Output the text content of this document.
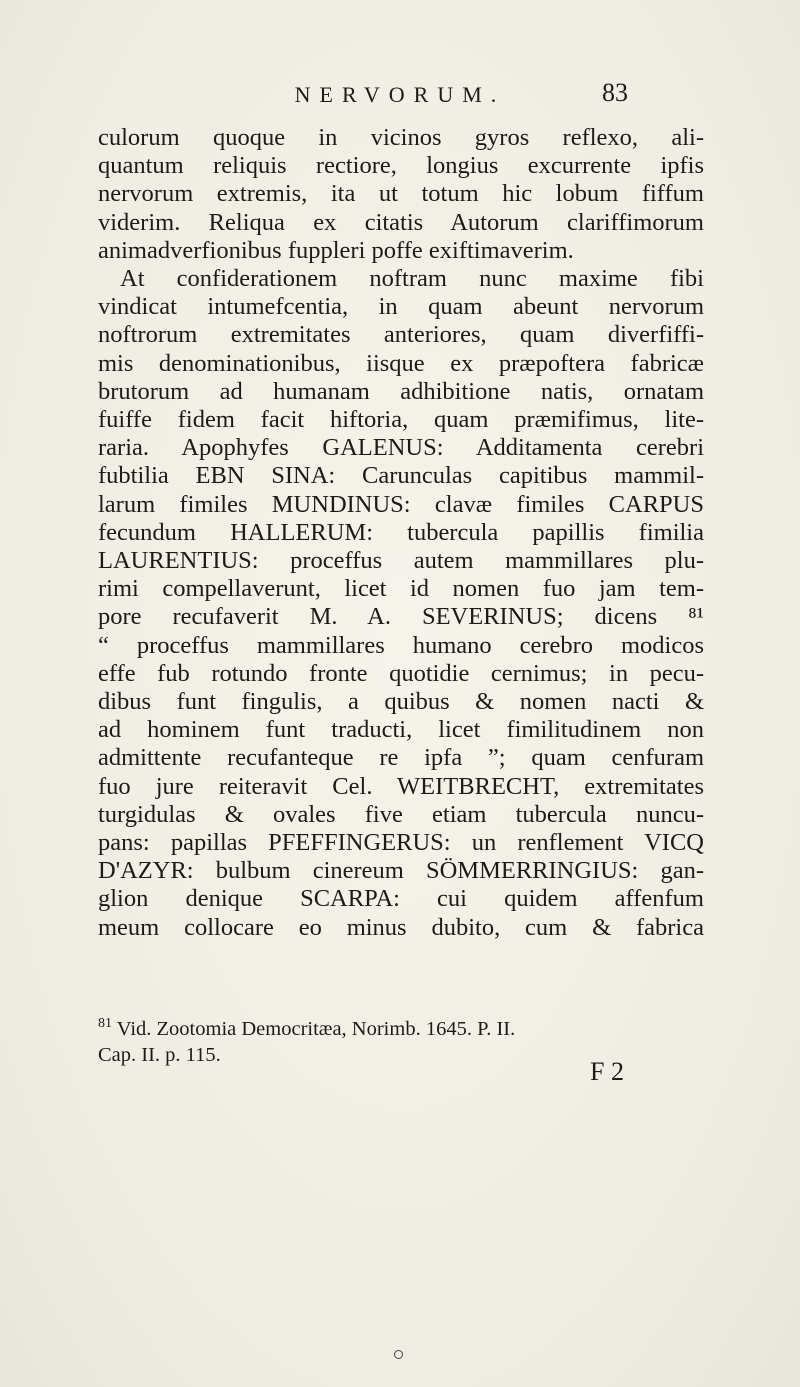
NERVORUM.	83
culorum quoque in vicinos gyros reflexo, ali-
quantum reliquis rectiore, longius excurrente ipfis
nervorum extremis, ita ut totum hic lobum fiffum
viderim. Reliqua ex citatis Autorum clariffimorum
animadverfionibus fuppleri poffe exiftimaverim.
At confiderationem noftram nunc maxime fibi
vindicat intumefcentia, in quam abeunt nervorum
noftrorum extremitates anteriores, quam diverfiffi-
mis denominationibus, iisque ex præpoftera fabricæ
brutorum ad humanam adhibitione natis, ornatam
fuiffe fidem facit hiftoria, quam præmifimus, lite-
raria. Apophyfes GALENUS: Additamenta cerebri
fubtilia EBN SINA: Carunculas capitibus mammil-
larum fimiles MUNDINUS: clavæ fimiles CARPUS
fecundum HALLERUM: tubercula papillis fimilia
LAURENTIUS: proceffus autem mammillares plu-
rimi compellaverunt, licet id nomen fuo jam tem-
pore recufaverit M. A. SEVERINUS; dicens ⁸¹
“ proceffus mammillares humano cerebro modicos
effe fub rotundo fronte quotidie cernimus; in pecu-
dibus funt fingulis, a quibus & nomen nacti &
ad hominem funt traducti, licet fimilitudinem non
admittente recufanteque re ipfa ”; quam cenfuram
fuo jure reiteravit Cel. WEITBRECHT, extremitates
turgidulas & ovales five etiam tubercula nuncu-
pans: papillas PFEFFINGERUS: un renflement VICQ
D'AZYR: bulbum cinereum SÖMMERRINGIUS: gan-
glion denique SCARPA: cui quidem affenfum
meum collocare eo minus dubito, cum & fabrica
$^{81}$ Vid. Zootomia Democritæa, Norimb. 1645. P. II.
Cap. II. p. 115.
F 2
